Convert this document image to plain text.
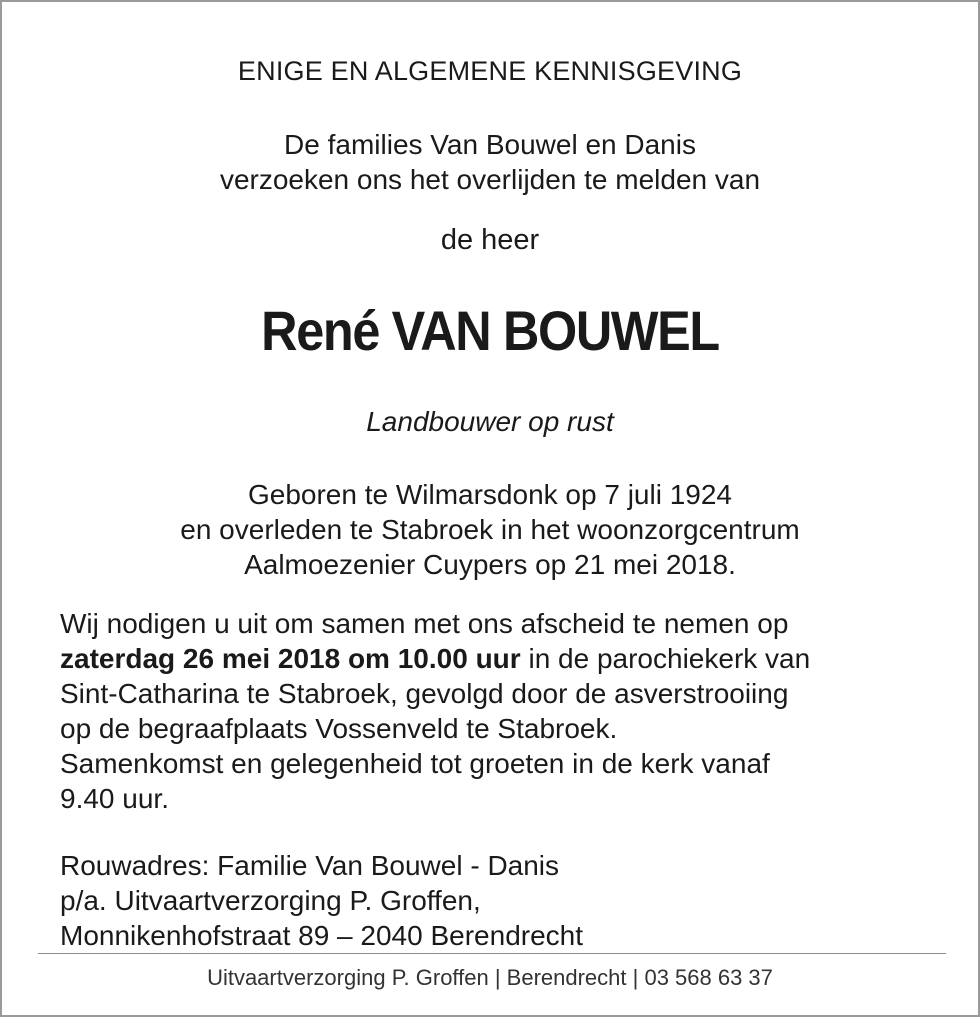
ENIGE EN ALGEMENE KENNISGEVING
De families Van Bouwel en Danis
verzoeken ons het overlijden te melden van
de heer
René VAN BOUWEL
Landbouwer op rust
Geboren te Wilmarsdonk op 7 juli 1924
en overleden te Stabroek in het woonzorgcentrum
Aalmoezenier Cuypers op 21 mei 2018.
Wij nodigen u uit om samen met ons afscheid te nemen op
zaterdag 26 mei 2018 om 10.00 uur in de parochiekerk van
Sint-Catharina te Stabroek, gevolgd door de asverstrooiing
op de begraafplaats Vossenveld te Stabroek.
Samenkomst en gelegenheid tot groeten in de kerk vanaf
9.40 uur.
Rouwadres: Familie Van Bouwel - Danis
p/a. Uitvaartverzorging P. Groffen,
Monnikenhofstraat 89 – 2040 Berendrecht
Uitvaartverzorging P. Groffen | Berendrecht | 03 568 63 37
